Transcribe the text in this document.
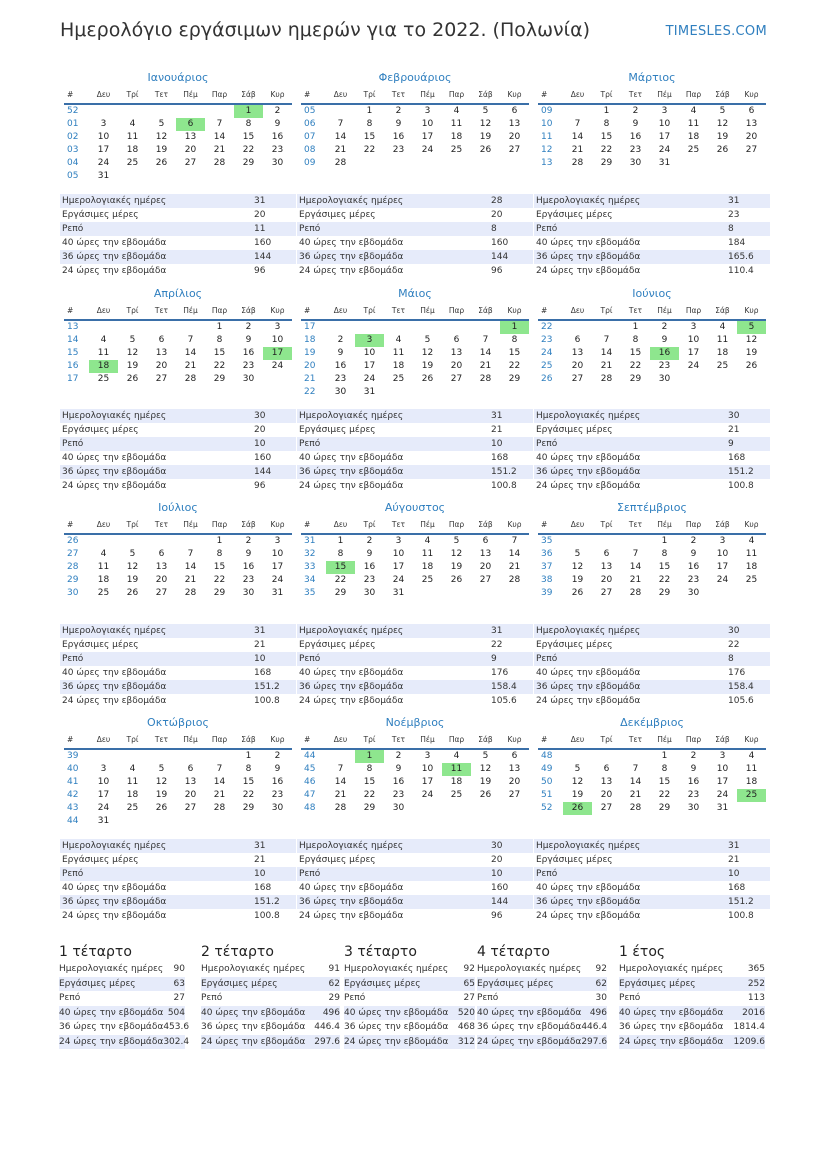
Ημερολόγιο εργάσιμων ημερών για το 2022. (Πολωνία)	TIMESLES.COM
Ιανουάριος
#	Δευ	Τρί	Τετ	Πέμ	Παρ	Σάβ	Κυρ
52						1	2
01	3	4	5	6	7	8	9
02	10	11	12	13	14	15	16
03	17	18	19	20	21	22	23
04	24	25	26	27	28	29	30
05	31						
Ημερολογιακές ημέρες	31
Εργάσιμες μέρες	20
Ρεπό	11
40 ώρες την εβδομάδα	160
36 ώρες την εβδομάδα	144
24 ώρες την εβδομάδα	96
Φεβρουάριος
#	Δευ	Τρί	Τετ	Πέμ	Παρ	Σάβ	Κυρ
05		1	2	3	4	5	6
06	7	8	9	10	11	12	13
07	14	15	16	17	18	19	20
08	21	22	23	24	25	26	27
09	28						
Ημερολογιακές ημέρες	28
Εργάσιμες μέρες	20
Ρεπό	8
40 ώρες την εβδομάδα	160
36 ώρες την εβδομάδα	144
24 ώρες την εβδομάδα	96
Μάρτιος
#	Δευ	Τρί	Τετ	Πέμ	Παρ	Σάβ	Κυρ
09		1	2	3	4	5	6
10	7	8	9	10	11	12	13
11	14	15	16	17	18	19	20
12	21	22	23	24	25	26	27
13	28	29	30	31			
Ημερολογιακές ημέρες	31
Εργάσιμες μέρες	23
Ρεπό	8
40 ώρες την εβδομάδα	184
36 ώρες την εβδομάδα	165.6
24 ώρες την εβδομάδα	110.4
Απρίλιος
#	Δευ	Τρί	Τετ	Πέμ	Παρ	Σάβ	Κυρ
13					1	2	3
14	4	5	6	7	8	9	10
15	11	12	13	14	15	16	17
16	18	19	20	21	22	23	24
17	25	26	27	28	29	30	
Ημερολογιακές ημέρες	30
Εργάσιμες μέρες	20
Ρεπό	10
40 ώρες την εβδομάδα	160
36 ώρες την εβδομάδα	144
24 ώρες την εβδομάδα	96
Μάιος
#	Δευ	Τρί	Τετ	Πέμ	Παρ	Σάβ	Κυρ
17							1
18	2	3	4	5	6	7	8
19	9	10	11	12	13	14	15
20	16	17	18	19	20	21	22
21	23	24	25	26	27	28	29
22	30	31					
Ημερολογιακές ημέρες	31
Εργάσιμες μέρες	21
Ρεπό	10
40 ώρες την εβδομάδα	168
36 ώρες την εβδομάδα	151.2
24 ώρες την εβδομάδα	100.8
Ιούνιος
#	Δευ	Τρί	Τετ	Πέμ	Παρ	Σάβ	Κυρ
22			1	2	3	4	5
23	6	7	8	9	10	11	12
24	13	14	15	16	17	18	19
25	20	21	22	23	24	25	26
26	27	28	29	30			
Ημερολογιακές ημέρες	30
Εργάσιμες μέρες	21
Ρεπό	9
40 ώρες την εβδομάδα	168
36 ώρες την εβδομάδα	151.2
24 ώρες την εβδομάδα	100.8
Ιούλιος
#	Δευ	Τρί	Τετ	Πέμ	Παρ	Σάβ	Κυρ
26					1	2	3
27	4	5	6	7	8	9	10
28	11	12	13	14	15	16	17
29	18	19	20	21	22	23	24
30	25	26	27	28	29	30	31
Ημερολογιακές ημέρες	31
Εργάσιμες μέρες	21
Ρεπό	10
40 ώρες την εβδομάδα	168
36 ώρες την εβδομάδα	151.2
24 ώρες την εβδομάδα	100.8
Αύγουστος
#	Δευ	Τρί	Τετ	Πέμ	Παρ	Σάβ	Κυρ
31	1	2	3	4	5	6	7
32	8	9	10	11	12	13	14
33	15	16	17	18	19	20	21
34	22	23	24	25	26	27	28
35	29	30	31				
Ημερολογιακές ημέρες	31
Εργάσιμες μέρες	22
Ρεπό	9
40 ώρες την εβδομάδα	176
36 ώρες την εβδομάδα	158.4
24 ώρες την εβδομάδα	105.6
Σεπτέμβριος
#	Δευ	Τρί	Τετ	Πέμ	Παρ	Σάβ	Κυρ
35				1	2	3	4
36	5	6	7	8	9	10	11
37	12	13	14	15	16	17	18
38	19	20	21	22	23	24	25
39	26	27	28	29	30		
Ημερολογιακές ημέρες	30
Εργάσιμες μέρες	22
Ρεπό	8
40 ώρες την εβδομάδα	176
36 ώρες την εβδομάδα	158.4
24 ώρες την εβδομάδα	105.6
Οκτώβριος
#	Δευ	Τρί	Τετ	Πέμ	Παρ	Σάβ	Κυρ
39						1	2
40	3	4	5	6	7	8	9
41	10	11	12	13	14	15	16
42	17	18	19	20	21	22	23
43	24	25	26	27	28	29	30
44	31						
Ημερολογιακές ημέρες	31
Εργάσιμες μέρες	21
Ρεπό	10
40 ώρες την εβδομάδα	168
36 ώρες την εβδομάδα	151.2
24 ώρες την εβδομάδα	100.8
Νοέμβριος
#	Δευ	Τρί	Τετ	Πέμ	Παρ	Σάβ	Κυρ
44		1	2	3	4	5	6
45	7	8	9	10	11	12	13
46	14	15	16	17	18	19	20
47	21	22	23	24	25	26	27
48	28	29	30				
Ημερολογιακές ημέρες	30
Εργάσιμες μέρες	20
Ρεπό	10
40 ώρες την εβδομάδα	160
36 ώρες την εβδομάδα	144
24 ώρες την εβδομάδα	96
Δεκέμβριος
#	Δευ	Τρί	Τετ	Πέμ	Παρ	Σάβ	Κυρ
48				1	2	3	4
49	5	6	7	8	9	10	11
50	12	13	14	15	16	17	18
51	19	20	21	22	23	24	25
52	26	27	28	29	30	31	
Ημερολογιακές ημέρες	31
Εργάσιμες μέρες	21
Ρεπό	10
40 ώρες την εβδομάδα	168
36 ώρες την εβδομάδα	151.2
24 ώρες την εβδομάδα	100.8
1 τέταρτο
Ημερολογιακές ημέρες	90
Εργάσιμες μέρες	63
Ρεπό	27
40 ώρες την εβδομάδα 504
36 ώρες την εβδομάδα 453.6
24 ώρες την εβδομάδα 302.4
2 τέταρτο
Ημερολογιακές ημέρες	91
Εργάσιμες μέρες	62
Ρεπό	29
40 ώρες την εβδομάδα	496
36 ώρες την εβδομάδα 446.4
24 ώρες την εβδομάδα 297.6
3 τέταρτο
Ημερολογιακές ημέρες	92
Εργάσιμες μέρες	65
Ρεπό	27
40 ώρες την εβδομάδα	520
36 ώρες την εβδομάδα	468
24 ώρες την εβδομάδα	312
4 τέταρτο
Ημερολογιακές ημέρες	92
Εργάσιμες μέρες	62
Ρεπό	30
40 ώρες την εβδομάδα 496
36 ώρες την εβδομάδα 446.4
24 ώρες την εβδομάδα 297.6
1 έτος
Ημερολογιακές ημέρες	365
Εργάσιμες μέρες	252
Ρεπό	113
40 ώρες την εβδομάδα	2016
36 ώρες την εβδομάδα	1814.4
24 ώρες την εβδομάδα	1209.6
